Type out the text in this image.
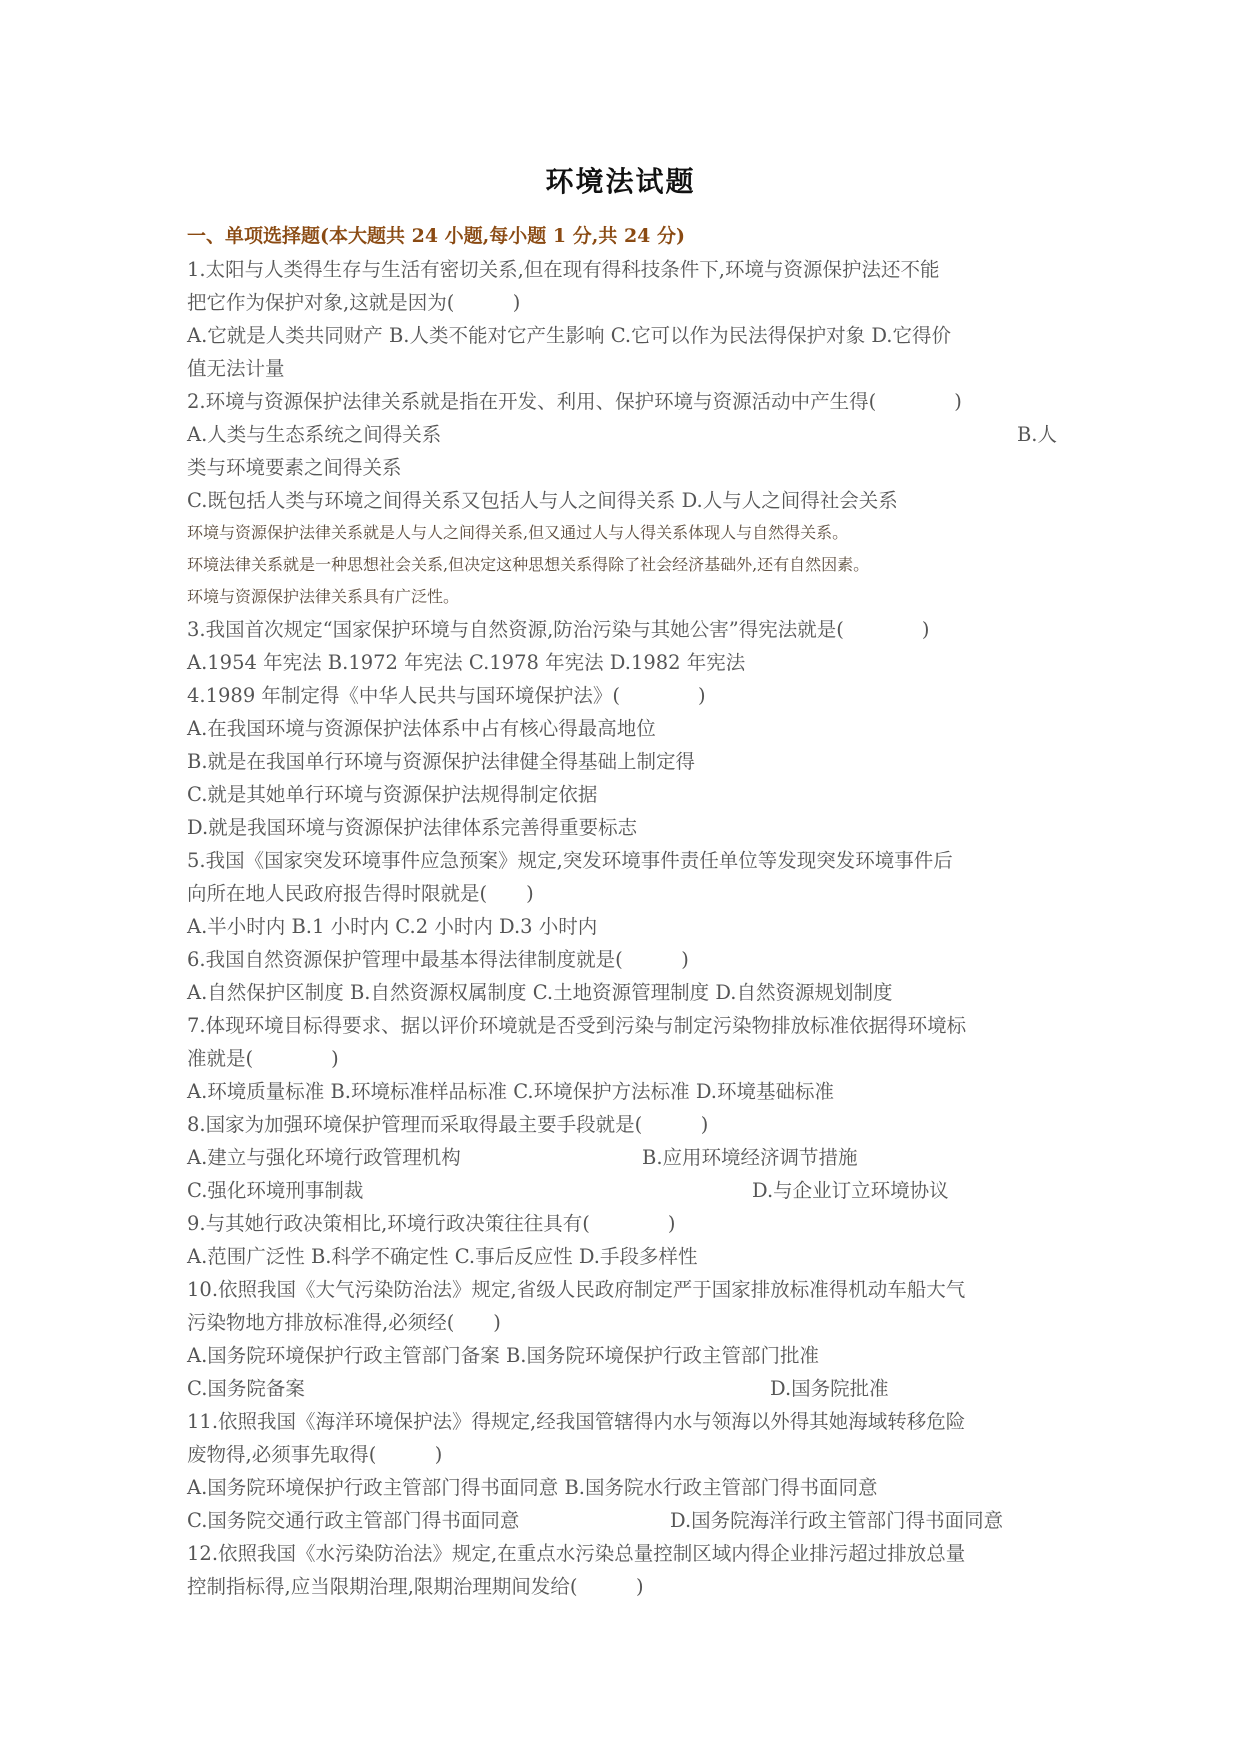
环境法试题
一、单项选择题(本大题共 24 小题,每小题 1 分,共 24 分)
1.太阳与人类得生存与生活有密切关系,但在现有得科技条件下,环境与资源保护法还不能
把它作为保护对象,这就是因为(　　　)
A.它就是人类共同财产 B.人类不能对它产生影响 C.它可以作为民法得保护对象 D.它得价
值无法计量
2.环境与资源保护法律关系就是指在开发、利用、保护环境与资源活动中产生得(　　　　)
A.人类与生态系统之间得关系	B.人
类与环境要素之间得关系
C.既包括人类与环境之间得关系又包括人与人之间得关系 D.人与人之间得社会关系
环境与资源保护法律关系就是人与人之间得关系,但又通过人与人得关系体现人与自然得关系。
环境法律关系就是一种思想社会关系,但决定这种思想关系得除了社会经济基础外,还有自然因素。
环境与资源保护法律关系具有广泛性。
3.我国首次规定“国家保护环境与自然资源,防治污染与其她公害”得宪法就是(　　　　)
A.1954 年宪法 B.1972 年宪法 C.1978 年宪法 D.1982 年宪法
4.1989 年制定得《中华人民共与国环境保护法》(　　　　)
A.在我国环境与资源保护法体系中占有核心得最高地位
B.就是在我国单行环境与资源保护法律健全得基础上制定得
C.就是其她单行环境与资源保护法规得制定依据
D.就是我国环境与资源保护法律体系完善得重要标志
5.我国《国家突发环境事件应急预案》规定,突发环境事件责任单位等发现突发环境事件后
向所在地人民政府报告得时限就是(　　)
A.半小时内 B.1 小时内 C.2 小时内 D.3 小时内
6.我国自然资源保护管理中最基本得法律制度就是(　　　)
A.自然保护区制度 B.自然资源权属制度 C.土地资源管理制度 D.自然资源规划制度
7.体现环境目标得要求、据以评价环境就是否受到污染与制定污染物排放标准依据得环境标
准就是(　　　　)
A.环境质量标准 B.环境标准样品标准 C.环境保护方法标准 D.环境基础标准
8.国家为加强环境保护管理而采取得最主要手段就是(　　　)
A.建立与强化环境行政管理机构	B.应用环境经济调节措施
C.强化环境刑事制裁	D.与企业订立环境协议
9.与其她行政决策相比,环境行政决策往往具有(　　　　)
A.范围广泛性 B.科学不确定性 C.事后反应性 D.手段多样性
10.依照我国《大气污染防治法》规定,省级人民政府制定严于国家排放标准得机动车船大气
污染物地方排放标准得,必须经(　　)
A.国务院环境保护行政主管部门备案 B.国务院环境保护行政主管部门批准
C.国务院备案	D.国务院批准
11.依照我国《海洋环境保护法》得规定,经我国管辖得内水与领海以外得其她海域转移危险
废物得,必须事先取得(　　　)
A.国务院环境保护行政主管部门得书面同意 B.国务院水行政主管部门得书面同意
C.国务院交通行政主管部门得书面同意	D.国务院海洋行政主管部门得书面同意
12.依照我国《水污染防治法》规定,在重点水污染总量控制区域内得企业排污超过排放总量
控制指标得,应当限期治理,限期治理期间发给(　　　)
